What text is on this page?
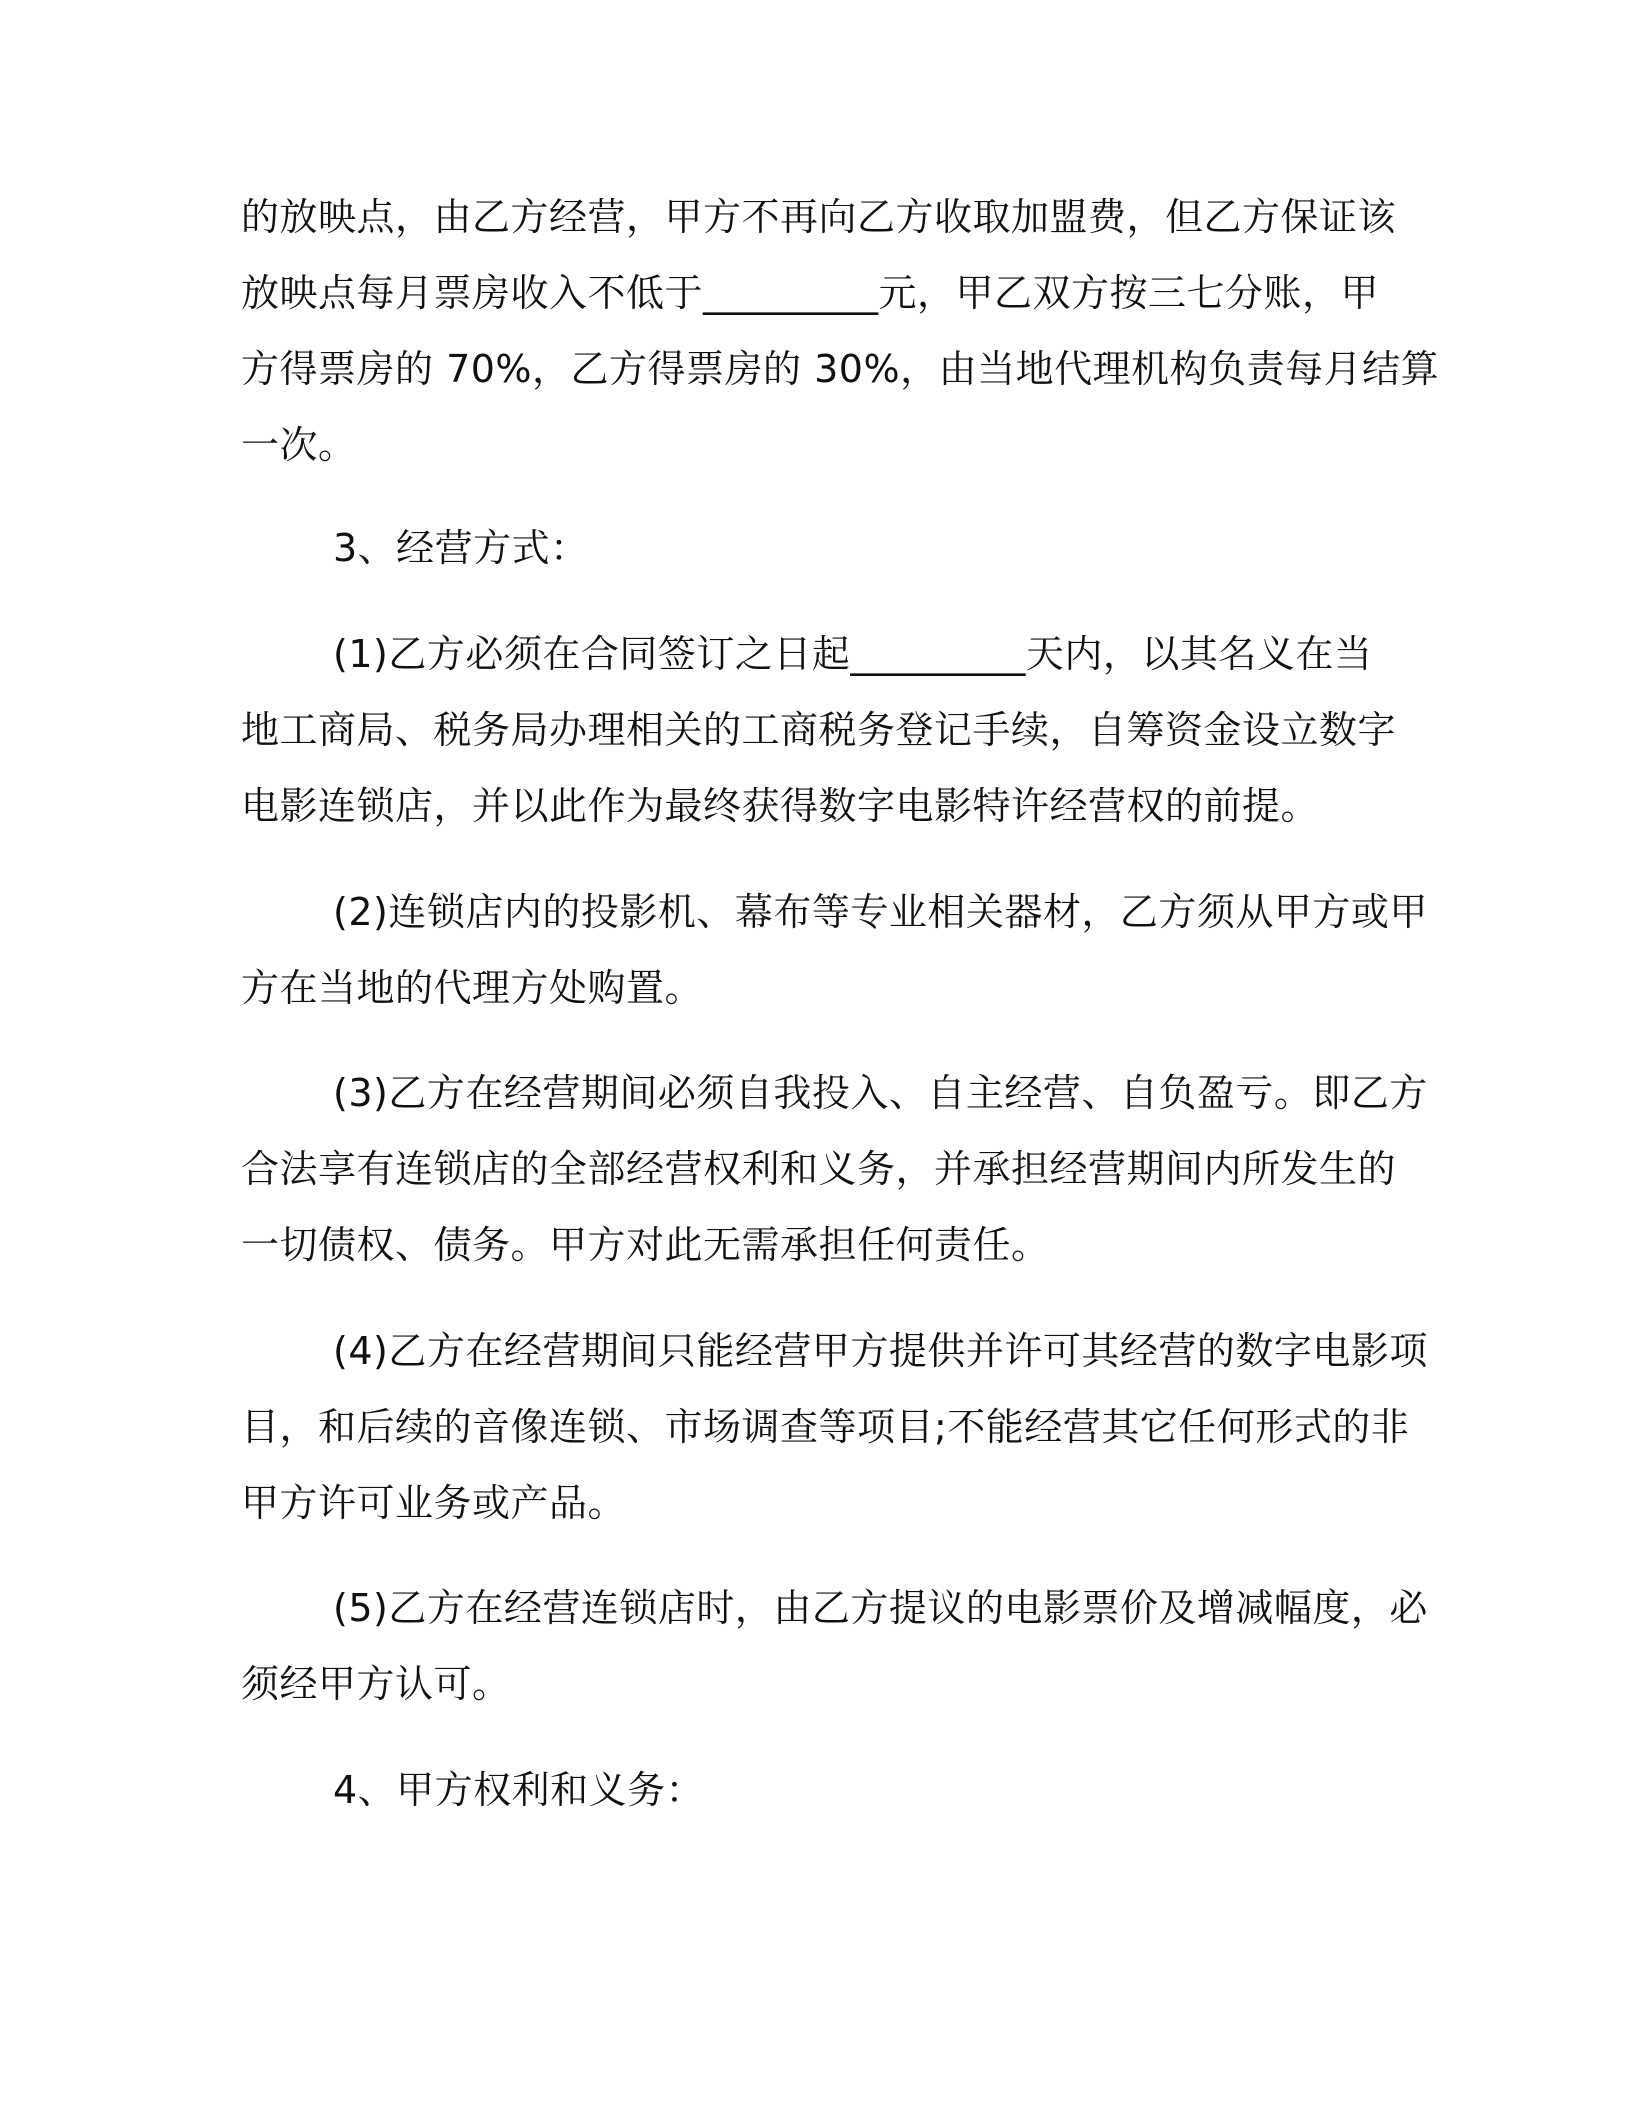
的放映点，由乙方经营，甲方不再向乙方收取加盟费，但乙方保证该
放映点每月票房收入不低于_________元，甲乙双方按三七分账，甲
方得票房的 70%，乙方得票房的 30%，由当地代理机构负责每月结算
一次。
3、经营方式：
(1)乙方必须在合同签订之日起_________天内，以其名义在当
地工商局、税务局办理相关的工商税务登记手续，自筹资金设立数字
电影连锁店，并以此作为最终获得数字电影特许经营权的前提。
(2)连锁店内的投影机、幕布等专业相关器材，乙方须从甲方或甲
方在当地的代理方处购置。
(3)乙方在经营期间必须自我投入、自主经营、自负盈亏。即乙方
合法享有连锁店的全部经营权利和义务，并承担经营期间内所发生的
一切债权、债务。甲方对此无需承担任何责任。
(4)乙方在经营期间只能经营甲方提供并许可其经营的数字电影项
目，和后续的音像连锁、市场调查等项目;不能经营其它任何形式的非
甲方许可业务或产品。
(5)乙方在经营连锁店时，由乙方提议的电影票价及增减幅度，必
须经甲方认可。
4、甲方权利和义务：
